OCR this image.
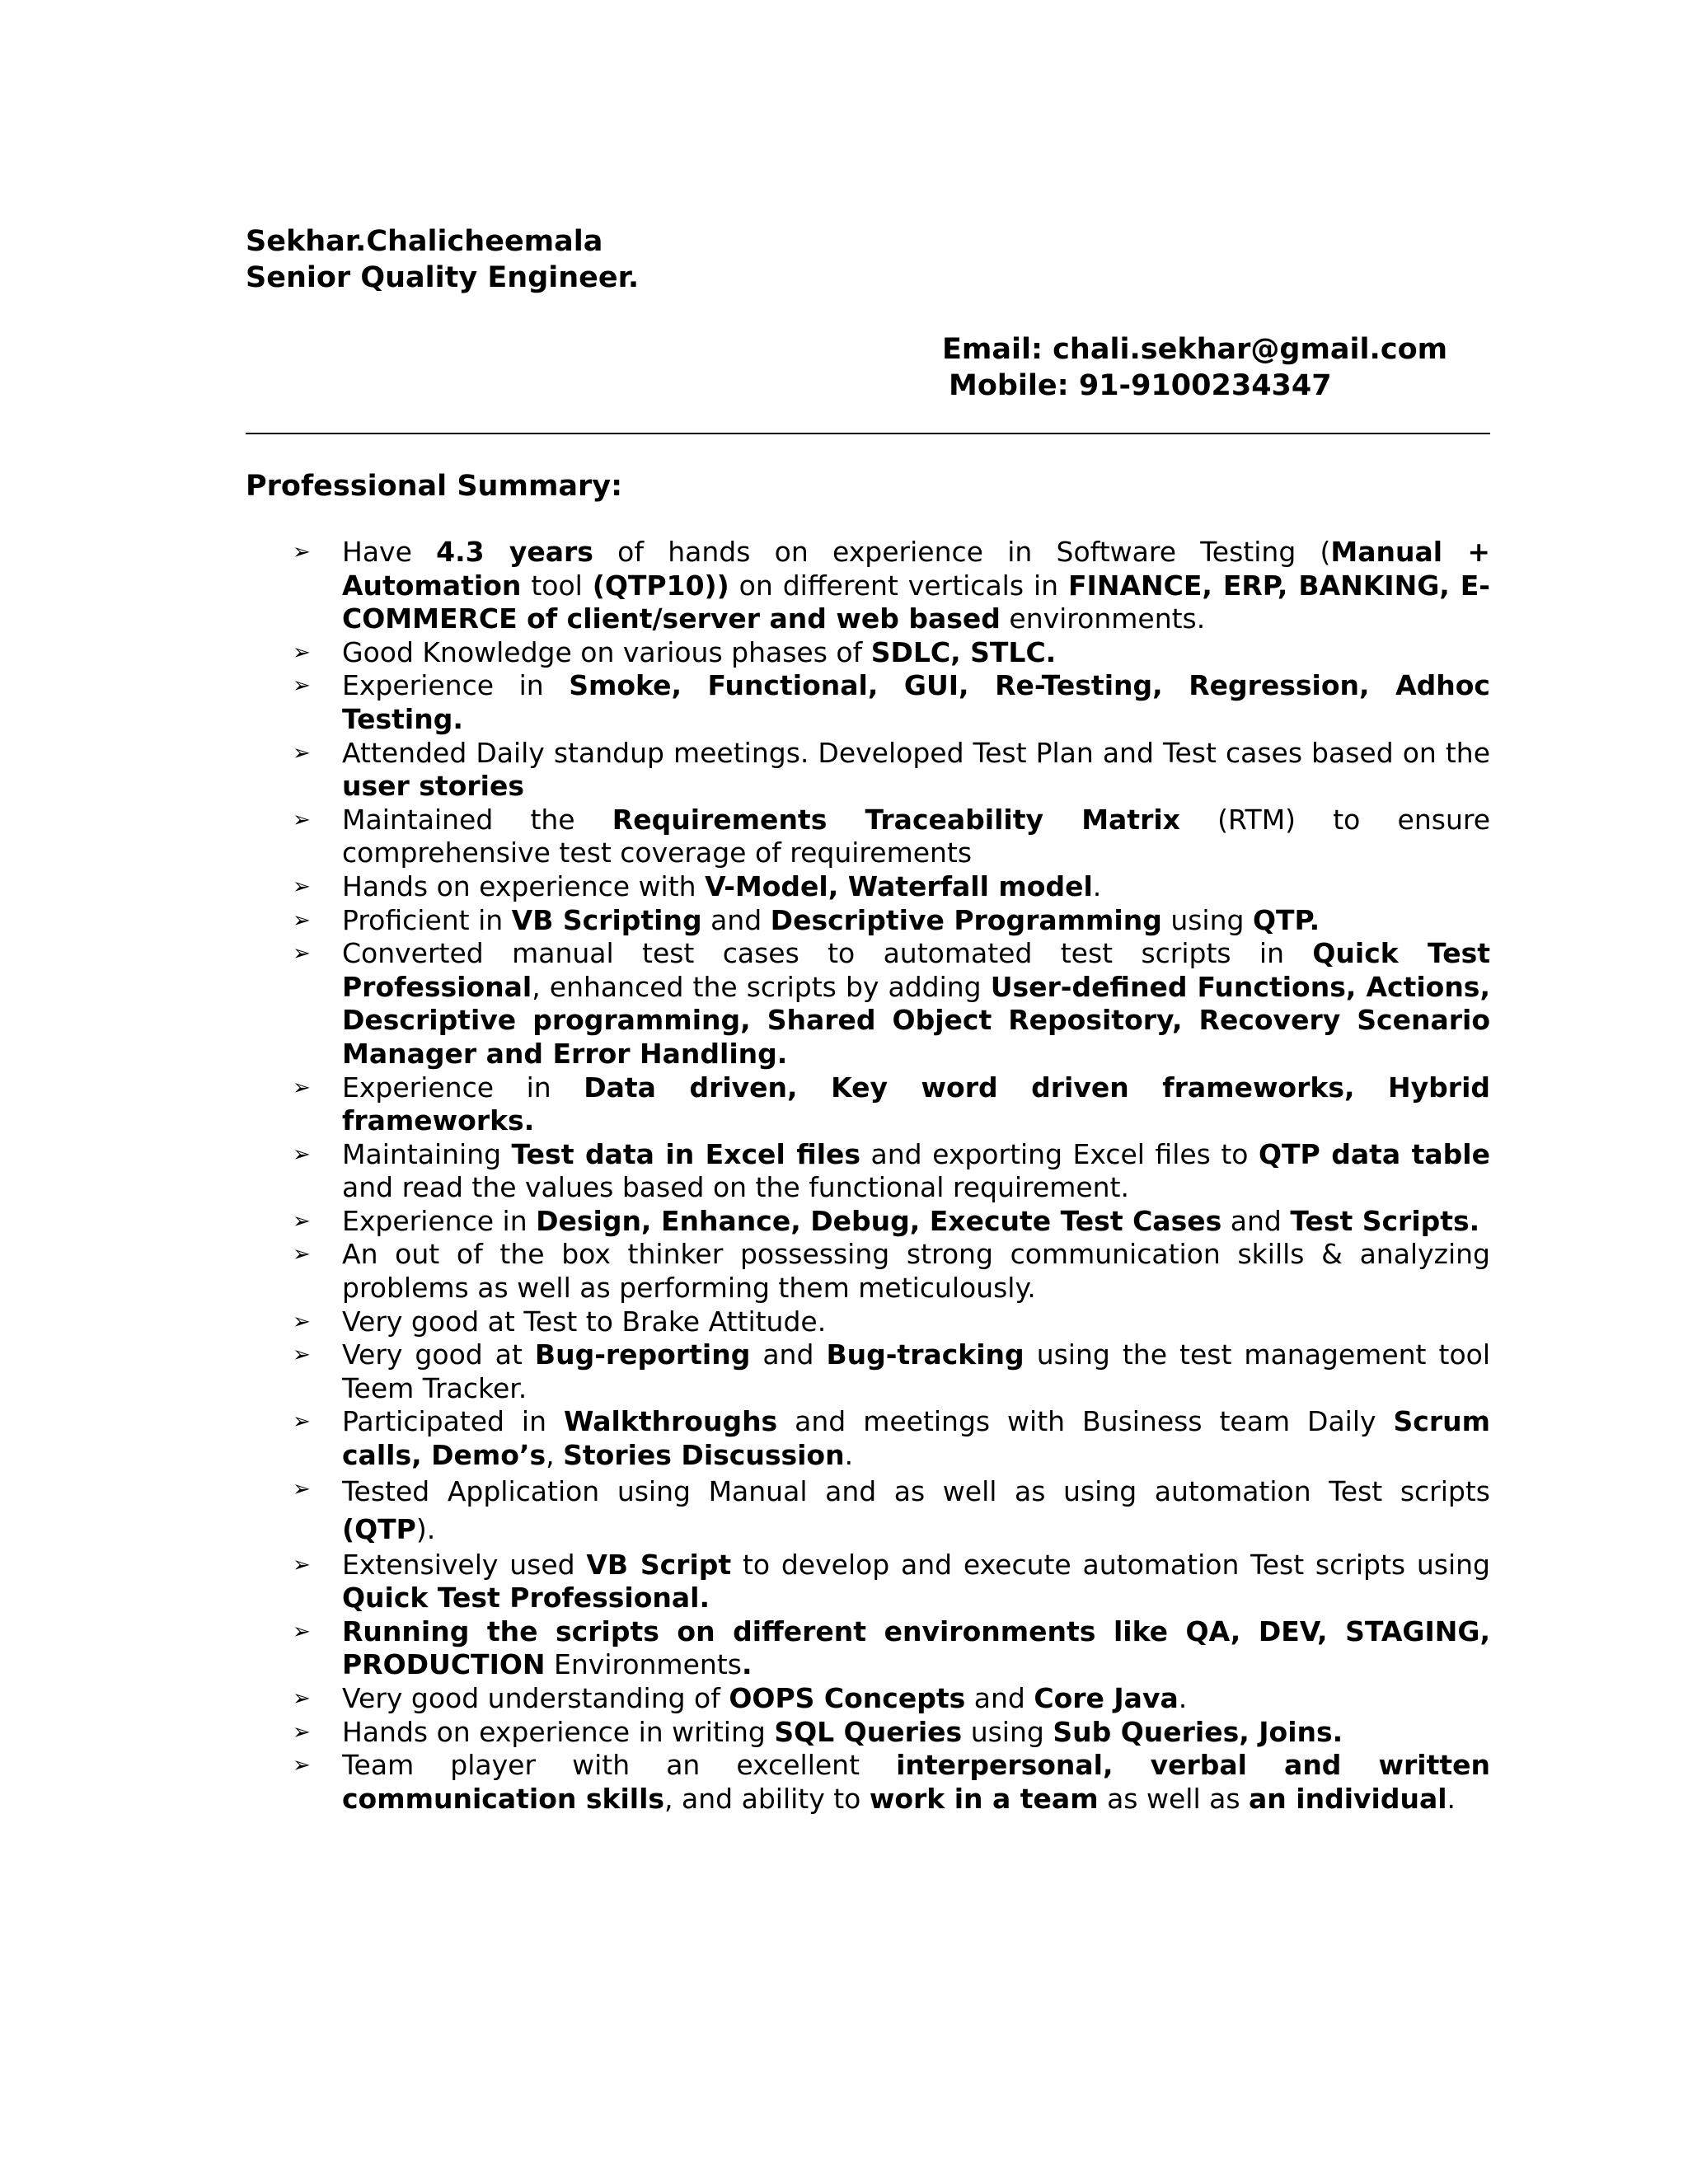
Sekhar.Chalicheemala
Senior Quality Engineer.
Email: chali.sekhar@gmail.com
Mobile: 91-9100234347
Professional Summary:
➢	Have 4.3 years of hands on experience in Software Testing (Manual + Automation tool (QTP10)) on different verticals in FINANCE, ERP, BANKING, E-COMMERCE of client/server and web based environments.
➢	Good Knowledge on various phases of SDLC, STLC.
➢	Experience in Smoke, Functional, GUI, Re-Testing, Regression, Adhoc Testing.
➢	Attended Daily standup meetings. Developed Test Plan and Test cases based on the user stories
➢	Maintained the Requirements Traceability Matrix (RTM) to ensure comprehensive test coverage of requirements
➢	Hands on experience with V-Model, Waterfall model.
➢	Proficient in VB Scripting and Descriptive Programming using QTP.
➢	Converted manual test cases to automated test scripts in Quick Test Professional, enhanced the scripts by adding User-defined Functions, Actions, Descriptive programming, Shared Object Repository, Recovery Scenario Manager and Error Handling.
➢	Experience in Data driven, Key word driven frameworks, Hybrid frameworks.
➢	Maintaining Test data in Excel files and exporting Excel files to QTP data table and read the values based on the functional requirement.
➢	Experience in Design, Enhance, Debug, Execute Test Cases and Test Scripts.
➢	An out of the box thinker possessing strong communication skills & analyzing problems as well as performing them meticulously.
➢	Very good at Test to Brake Attitude.
➢	Very good at Bug-reporting and Bug-tracking using the test management tool Teem Tracker.
➢	Participated in Walkthroughs and meetings with Business team Daily Scrum calls, Demo’s, Stories Discussion.
➢	Tested Application using Manual and as well as using automation Test scripts (QTP).
➢	Extensively used VB Script to develop and execute automation Test scripts using Quick Test Professional.
➢	Running the scripts on different environments like QA, DEV, STAGING, PRODUCTION Environments.
➢	Very good understanding of OOPS Concepts and Core Java.
➢	Hands on experience in writing SQL Queries using Sub Queries, Joins.
➢	Team player with an excellent interpersonal, verbal and written communication skills, and ability to work in a team as well as an individual.
